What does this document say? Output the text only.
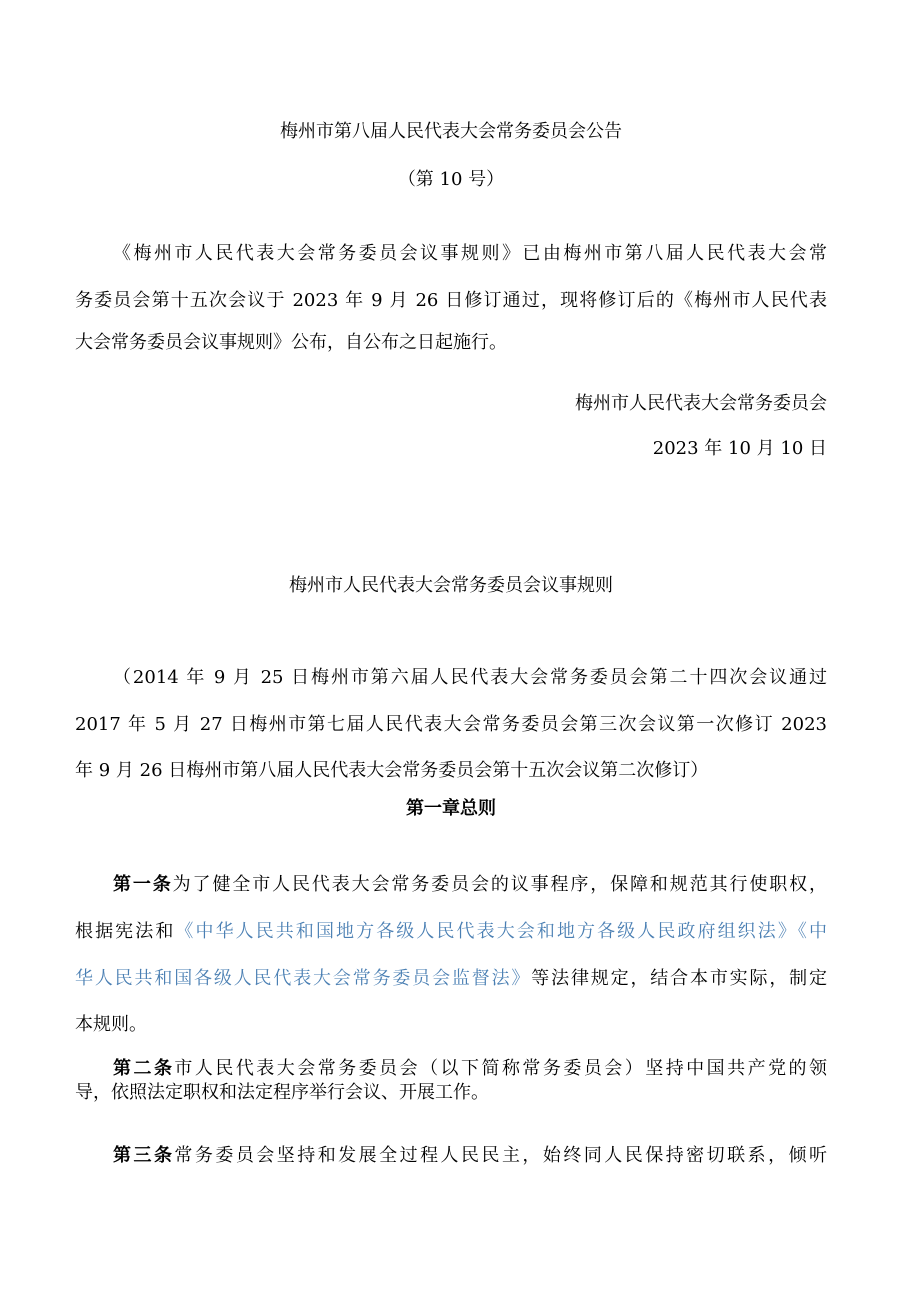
梅州市第八届人民代表大会常务委员会公告
（第 10 号）
《梅州市人民代表大会常务委员会议事规则》已由梅州市第八届人民代表大会常
务委员会第十五次会议于 2023 年 9 月 26 日修订通过，现将修订后的《梅州市人民代表
大会常务委员会议事规则》公布，自公布之日起施行。
梅州市人民代表大会常务委员会
2023 年 10 月 10 日
梅州市人民代表大会常务委员会议事规则
（2014 年 9 月 25 日梅州市第六届人民代表大会常务委员会第二十四次会议通过
2017 年 5 月 27 日梅州市第七届人民代表大会常务委员会第三次会议第一次修订 2023
年 9 月 26 日梅州市第八届人民代表大会常务委员会第十五次会议第二次修订）
第一章总则
第一条为了健全市人民代表大会常务委员会的议事程序，保障和规范其行使职权，
根据宪法和《中华人民共和国地方各级人民代表大会和地方各级人民政府组织法》《中
华人民共和国各级人民代表大会常务委员会监督法》等法律规定，结合本市实际，制定
本规则。
第二条市人民代表大会常务委员会（以下简称常务委员会）坚持中国共产党的领
导，依照法定职权和法定程序举行会议、开展工作。
第三条常务委员会坚持和发展全过程人民民主，始终同人民保持密切联系，倾听
